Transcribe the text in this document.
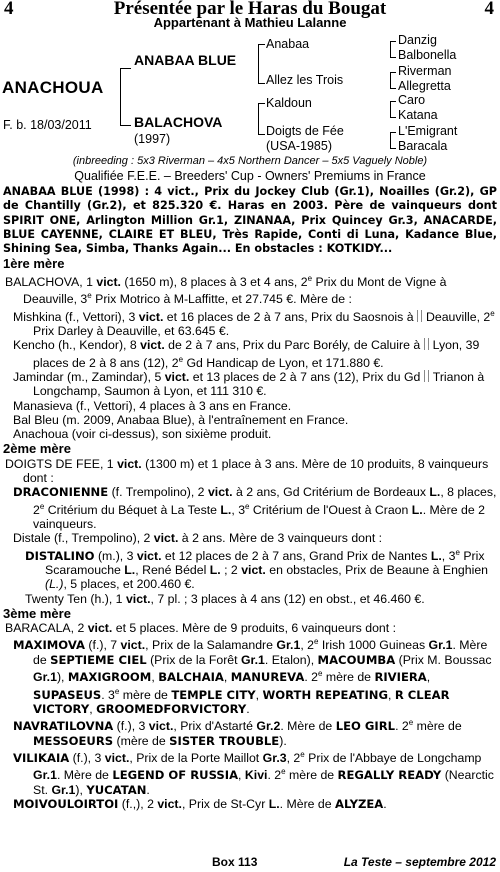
4	4
Présentée par le Haras du Bougat
Appartenant à Mathieu Lalanne
ANACHOUA
F. b. 18/03/2011
ANABAA BLUE
BALACHOVA
(1997)
Anabaa
Allez les Trois
Kaldoun
Doigts de Fée
(USA-1985)
Danzig
Balbonella
Riverman
Allegretta
Caro
Katana
L'Emigrant
Baracala
(inbreeding : 5x3 Riverman – 4x5 Northern Dancer – 5x5 Vaguely Noble)
Qualifiée F.E.E. – Breeders' Cup - Owners' Premiums in France

ANABAA BLUE (1998) : 4 vict., Prix du Jockey Club (Gr.1), Noailles (Gr.2), GP de Chantilly (Gr.2), et 825.320 €. Haras en 2003. Père de vainqueurs dont SPIRIT ONE, Arlington Million Gr.1, ZINANAA, Prix Quincey Gr.3, ANACARDE, BLUE CAYENNE, CLAIRE ET BLEU, Très Rapide, Conti di Luna, Kadance Blue, Shining Sea, Simba, Thanks Again... En obstacles : KOTKIDY...

1ère mère

BALACHOVA, 1 vict. (1650 m), 8 places à 3 et 4 ans, 2e Prix du Mont de Vigne à Deauville, 3e Prix Motrico à M-Laffitte, et 27.745 €. Mère de :

Mishkina (f., Vettori), 3 vict. et 16 places de 2 à 7 ans, Prix du Saosnois à Deauville, 2e Prix Darley à Deauville, et 63.645 €.

Kencho (h., Kendor), 8 vict. de 2 à 7 ans, Prix du Parc Borély, de Caluire à Lyon, 39 places de 2 à 8 ans (12), 2e Gd Handicap de Lyon, et 171.880 €.

Jamindar (m., Zamindar), 5 vict. et 13 places de 2 à 7 ans (12), Prix du Gd Trianon à Longchamp, Saumon à Lyon, et 111 310 €.

Manasieva (f., Vettori), 4 places à 3 ans en France.

Bal Bleu (m. 2009, Anabaa Blue), à l'entraînement en France.

Anachoua (voir ci-dessus), son sixième produit.

2ème mère

DOIGTS DE FEE, 1 vict. (1300 m) et 1 place à 3 ans. Mère de 10 produits, 8 vainqueurs dont :

DRACONIENNE (f. Trempolino), 2 vict. à 2 ans, Gd Critérium de Bordeaux L., 8 places, 2e Critérium du Béquet à La Teste L., 3e Critérium de l'Ouest à Craon L.. Mère de 2 vainqueurs.

Distale (f., Trempolino), 2 vict. à 2 ans. Mère de 3 vainqueurs dont :

DISTALINO (m.), 3 vict. et 12 places de 2 à 7 ans, Grand Prix de Nantes L., 3e Prix Scaramouche L., René Bédel L. ; 2 vict. en obstacles, Prix de Beaune à Enghien (L.), 5 places, et 200.460 €.

Twenty Ten (h.), 1 vict., 7 pl. ; 3 places à 4 ans (12) en obst., et 46.460 €.

3ème mère

BARACALA, 2 vict. et 5 places. Mère de 9 produits, 6 vainqueurs dont :

MAXIMOVA (f.), 7 vict., Prix de la Salamandre Gr.1, 2e Irish 1000 Guineas Gr.1. Mère de SEPTIEME CIEL (Prix de la Forêt Gr.1. Etalon), MACOUMBA (Prix M. Boussac Gr.1), MAXIGROOM, BALCHAIA, MANUREVA. 2e mère de RIVIERA, SUPASEUS. 3e mère de TEMPLE CITY, WORTH REPEATING, R CLEAR VICTORY, GROOMEDFORVICTORY.

NAVRATILOVNA (f.), 3 vict., Prix d'Astarté Gr.2. Mère de LEO GIRL. 2e mère de MESSOEURS (mère de SISTER TROUBLE).

VILIKAIA (f.), 3 vict., Prix de la Porte Maillot Gr.3, 2e Prix de l'Abbaye de Longchamp Gr.1. Mère de LEGEND OF RUSSIA, Kivi. 2e mère de REGALLY READY (Nearctic St. Gr.1), YUCATAN.

MOIVOULOIRTOI (f.,), 2 vict., Prix de St-Cyr L.. Mère de ALYZEA.

Box 113	La Teste – septembre 2012
